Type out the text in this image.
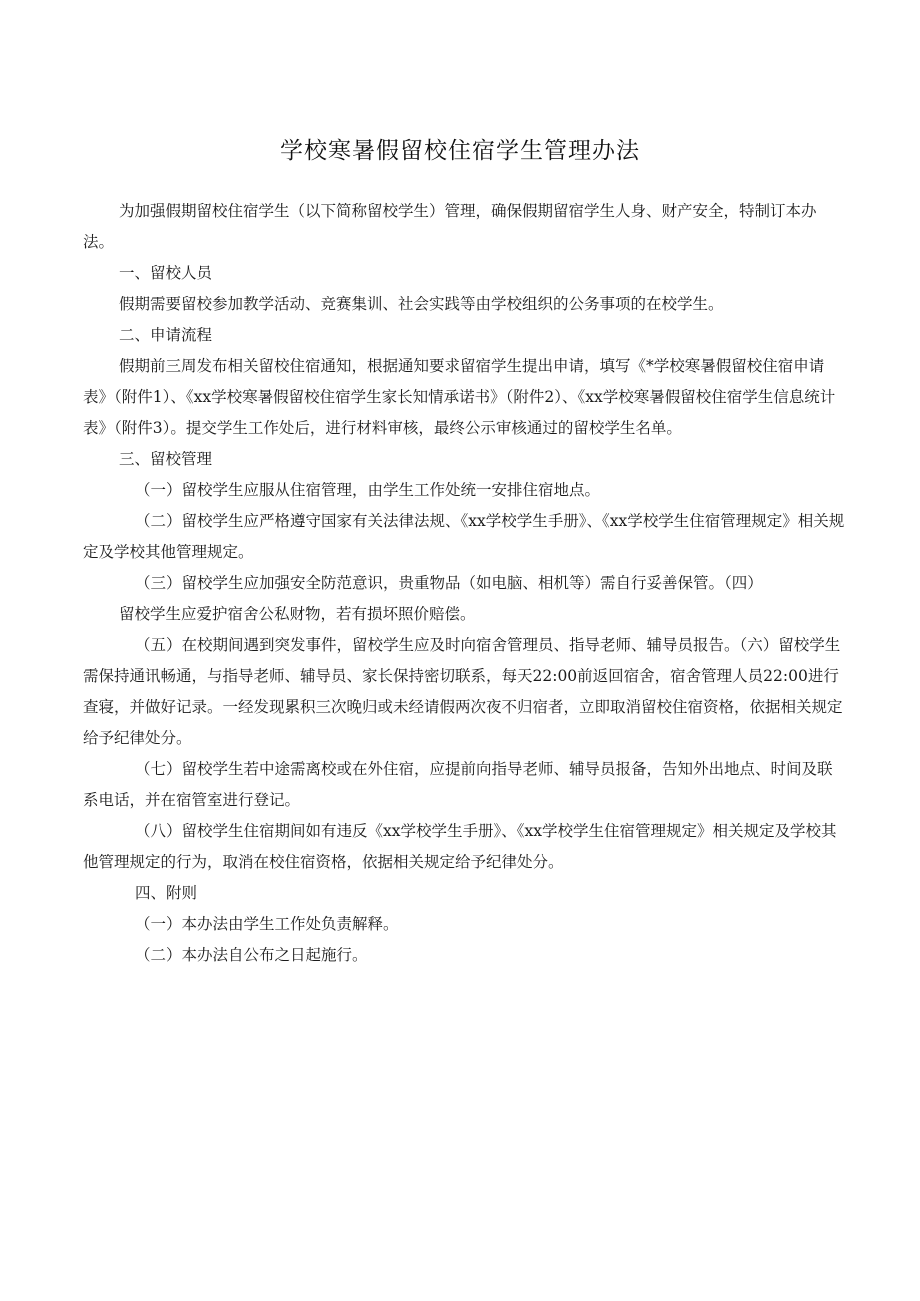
学校寒暑假留校住宿学生管理办法

为加强假期留校住宿学生（以下简称留校学生）管理，确保假期留宿学生人身、财产安全，特制订本办法。

一、留校人员

假期需要留校参加教学活动、竞赛集训、社会实践等由学校组织的公务事项的在校学生。

二、申请流程

假期前三周发布相关留校住宿通知，根据通知要求留宿学生提出申请，填写《*学校寒暑假留校住宿申请表》（附件1）、《xx学校寒暑假留校住宿学生家长知情承诺书》（附件2）、《xx学校寒暑假留校住宿学生信息统计表》（附件3）。提交学生工作处后，进行材料审核，最终公示审核通过的留校学生名单。

三、留校管理

（一）留校学生应服从住宿管理，由学生工作处统一安排住宿地点。

（二）留校学生应严格遵守国家有关法律法规、《xx学校学生手册》、《xx学校学生住宿管理规定》相关规定及学校其他管理规定。

（三）留校学生应加强安全防范意识，贵重物品（如电脑、相机等）需自行妥善保管。（四）

留校学生应爱护宿舍公私财物，若有损坏照价赔偿。

（五）在校期间遇到突发事件，留校学生应及时向宿舍管理员、指导老师、辅导员报告。（六）留校学生需保持通讯畅通，与指导老师、辅导员、家长保持密切联系，每天22:00前返回宿舍，宿舍管理人员22:00进行查寝，并做好记录。一经发现累积三次晚归或未经请假两次夜不归宿者，立即取消留校住宿资格，依据相关规定给予纪律处分。

（七）留校学生若中途需离校或在外住宿，应提前向指导老师、辅导员报备，告知外出地点、时间及联系电话，并在宿管室进行登记。

（八）留校学生住宿期间如有违反《xx学校学生手册》、《xx学校学生住宿管理规定》相关规定及学校其他管理规定的行为，取消在校住宿资格，依据相关规定给予纪律处分。

四、附则

（一）本办法由学生工作处负责解释。

（二）本办法自公布之日起施行。
